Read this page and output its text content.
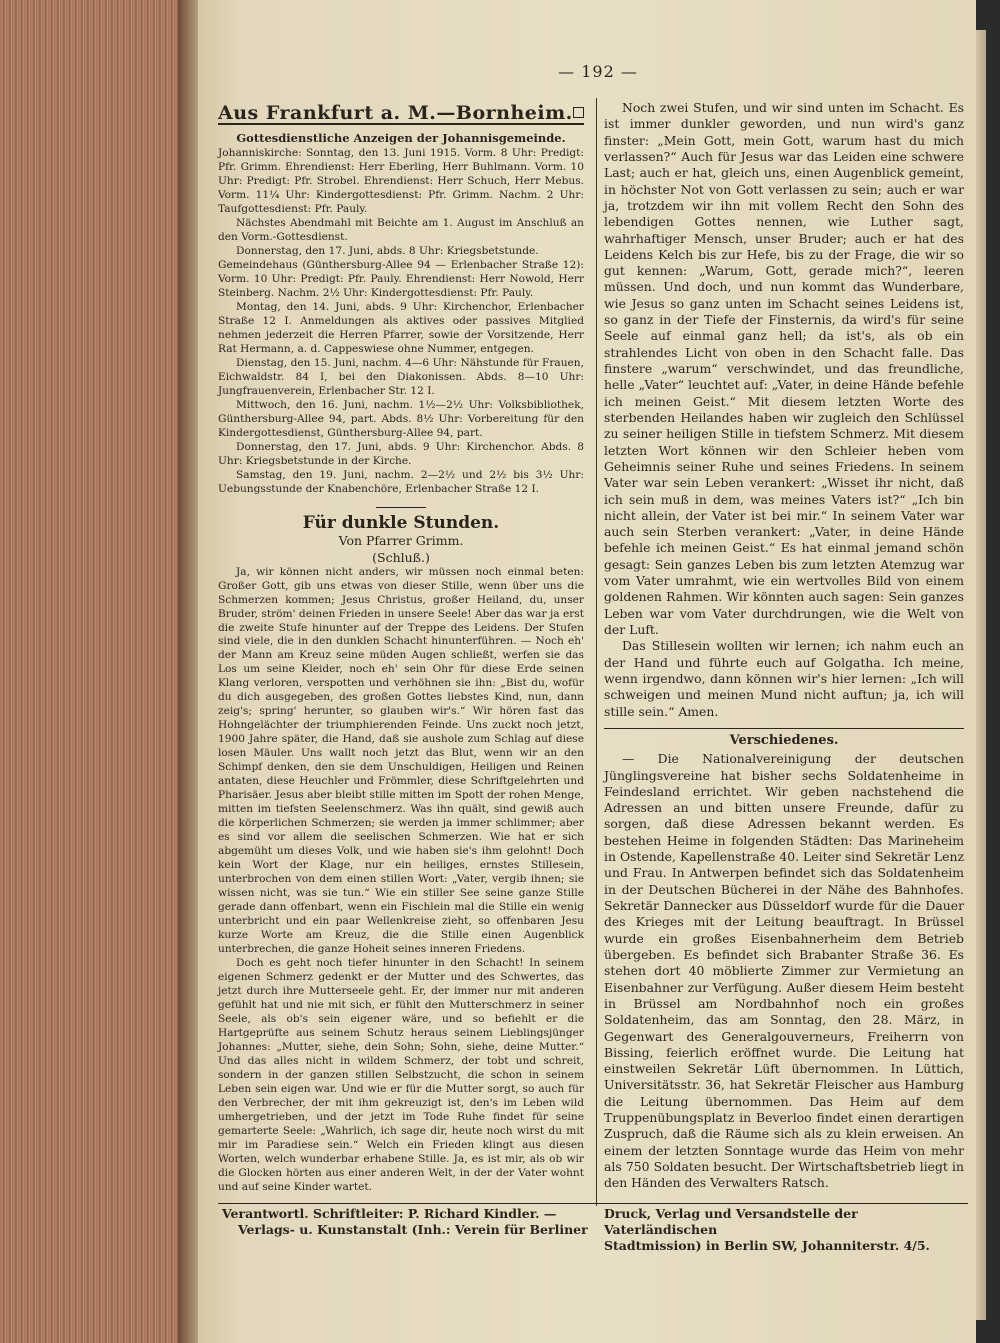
— 192 —
Aus Frankfurt a. M.—Bornheim.
Gottesdienstliche Anzeigen der Johannisgemeinde.

Johanniskirche: Sonntag, den 13. Juni 1915. Vorm. 8 Uhr: Predigt: Pfr. Grimm. Ehrendienst: Herr Eberling, Herr Buhlmann. Vorm. 10 Uhr: Predigt: Pfr. Strobel. Ehrendienst: Herr Schuch, Herr Mebus. Vorm. 11¼ Uhr: Kindergottesdienst: Pfr. Grimm. Nachm. 2 Uhr: Taufgottesdienst: Pfr. Pauly.

Nächstes Abendmahl mit Beichte am 1. August im Anschluß an den Vorm.-Gottesdienst.

Donnerstag, den 17. Juni, abds. 8 Uhr: Kriegsbetstunde.

Gemeindehaus (Günthersburg-Allee 94 — Erlenbacher Straße 12): Vorm. 10 Uhr: Predigt: Pfr. Pauly. Ehrendienst: Herr Nowold, Herr Steinberg. Nachm. 2½ Uhr: Kindergottesdienst: Pfr. Pauly.

Montag, den 14. Juni, abds. 9 Uhr: Kirchenchor, Erlenbacher Straße 12 I. Anmeldungen als aktives oder passives Mitglied nehmen jederzeit die Herren Pfarrer, sowie der Vorsitzende, Herr Rat Hermann, a. d. Cappeswiese ohne Nummer, entgegen.

Dienstag, den 15. Juni, nachm. 4—6 Uhr: Nähstunde für Frauen, Eichwaldstr. 84 I, bei den Diakonissen. Abds. 8—10 Uhr: Jungfrauenverein, Erlenbacher Str. 12 I.

Mittwoch, den 16. Juni, nachm. 1½—2½ Uhr: Volksbibliothek, Günthersburg-Allee 94, part. Abds. 8½ Uhr: Vorbereitung für den Kindergottesdienst, Günthersburg-Allee 94, part.

Donnerstag, den 17. Juni, abds. 9 Uhr: Kirchenchor. Abds. 8 Uhr: Kriegsbetstunde in der Kirche.

Samstag, den 19. Juni, nachm. 2—2½ und 2½ bis 3½ Uhr: Uebungsstunde der Knabenchöre, Erlenbacher Straße 12 I.

Für dunkle Stunden.
Von Pfarrer Grimm.
(Schluß.)

Ja, wir können nicht anders, wir müssen noch einmal beten: Großer Gott, gib uns etwas von dieser Stille, wenn über uns die Schmerzen kommen; Jesus Christus, großer Heiland, du, unser Bruder, ström' deinen Frieden in unsere Seele! Aber das war ja erst die zweite Stufe hinunter auf der Treppe des Leidens. Der Stufen sind viele, die in den dunklen Schacht hinunterführen. — Noch eh' der Mann am Kreuz seine müden Augen schließt, werfen sie das Los um seine Kleider, noch eh' sein Ohr für diese Erde seinen Klang verloren, verspotten und verhöhnen sie ihn: „Bist du, wofür du dich ausgegeben, des großen Gottes liebstes Kind, nun, dann zeig's; spring' herunter, so glauben wir's.“ Wir hören fast das Hohngelächter der triumphierenden Feinde. Uns zuckt noch jetzt, 1900 Jahre später, die Hand, daß sie aushole zum Schlag auf diese losen Mäuler. Uns wallt noch jetzt das Blut, wenn wir an den Schimpf denken, den sie dem Unschuldigen, Heiligen und Reinen antaten, diese Heuchler und Frömmler, diese Schriftgelehrten und Pharisäer. Jesus aber bleibt stille mitten im Spott der rohen Menge, mitten im tiefsten Seelenschmerz. Was ihn quält, sind gewiß auch die körperlichen Schmerzen; sie werden ja immer schlimmer; aber es sind vor allem die seelischen Schmerzen. Wie hat er sich abgemüht um dieses Volk, und wie haben sie's ihm gelohnt! Doch kein Wort der Klage, nur ein heiliges, ernstes Stillesein, unterbrochen von dem einen stillen Wort: „Vater, vergib ihnen; sie wissen nicht, was sie tun.“ Wie ein stiller See seine ganze Stille gerade dann offenbart, wenn ein Fischlein mal die Stille ein wenig unterbricht und ein paar Wellenkreise zieht, so offenbaren Jesu kurze Worte am Kreuz, die die Stille einen Augenblick unterbrechen, die ganze Hoheit seines inneren Friedens.

Doch es geht noch tiefer hinunter in den Schacht! In seinem eigenen Schmerz gedenkt er der Mutter und des Schwertes, das jetzt durch ihre Mutterseele geht. Er, der immer nur mit anderen gefühlt hat und nie mit sich, er fühlt den Mutterschmerz in seiner Seele, als ob's sein eigener wäre, und so befiehlt er die Hartgeprüfte aus seinem Schutz heraus seinem Lieblingsjünger Johannes: „Mutter, siehe, dein Sohn; Sohn, siehe, deine Mutter.“ Und das alles nicht in wildem Schmerz, der tobt und schreit, sondern in der ganzen stillen Selbstzucht, die schon in seinem Leben sein eigen war. Und wie er für die Mutter sorgt, so auch für den Verbrecher, der mit ihm gekreuzigt ist, den's im Leben wild umhergetrieben, und der jetzt im Tode Ruhe findet für seine gemarterte Seele: „Wahrlich, ich sage dir, heute noch wirst du mit mir im Paradiese sein.“ Welch ein Frieden klingt aus diesen Worten, welch wunderbar erhabene Stille. Ja, es ist mir, als ob wir die Glocken hörten aus einer anderen Welt, in der der Vater wohnt und auf seine Kinder wartet.

Noch zwei Stufen, und wir sind unten im Schacht. Es ist immer dunkler geworden, und nun wird's ganz finster: „Mein Gott, mein Gott, warum hast du mich verlassen?“ Auch für Jesus war das Leiden eine schwere Last; auch er hat, gleich uns, einen Augenblick gemeint, in höchster Not von Gott verlassen zu sein; auch er war ja, trotzdem wir ihn mit vollem Recht den Sohn des lebendigen Gottes nennen, wie Luther sagt, wahrhaftiger Mensch, unser Bruder; auch er hat des Leidens Kelch bis zur Hefe, bis zu der Frage, die wir so gut kennen: „Warum, Gott, gerade mich?“, leeren müssen. Und doch, und nun kommt das Wunderbare, wie Jesus so ganz unten im Schacht seines Leidens ist, so ganz in der Tiefe der Finsternis, da wird's für seine Seele auf einmal ganz hell; da ist's, als ob ein strahlendes Licht von oben in den Schacht falle. Das finstere „warum“ verschwindet, und das freundliche, helle „Vater“ leuchtet auf: „Vater, in deine Hände befehle ich meinen Geist.“ Mit diesem letzten Worte des sterbenden Heilandes haben wir zugleich den Schlüssel zu seiner heiligen Stille in tiefstem Schmerz. Mit diesem letzten Wort können wir den Schleier heben vom Geheimnis seiner Ruhe und seines Friedens. In seinem Vater war sein Leben verankert: „Wisset ihr nicht, daß ich sein muß in dem, was meines Vaters ist?“ „Ich bin nicht allein, der Vater ist bei mir.“ In seinem Vater war auch sein Sterben verankert: „Vater, in deine Hände befehle ich meinen Geist.“ Es hat einmal jemand schön gesagt: Sein ganzes Leben bis zum letzten Atemzug war vom Vater umrahmt, wie ein wertvolles Bild von einem goldenen Rahmen. Wir könnten auch sagen: Sein ganzes Leben war vom Vater durchdrungen, wie die Welt von der Luft.

Das Stillesein wollten wir lernen; ich nahm euch an der Hand und führte euch auf Golgatha. Ich meine, wenn irgendwo, dann können wir's hier lernen: „Ich will schweigen und meinen Mund nicht auftun; ja, ich will stille sein.“ Amen.

Verschiedenes.

— Die Nationalvereinigung der deutschen Jünglingsvereine hat bisher sechs Soldatenheime in Feindesland errichtet. Wir geben nachstehend die Adressen an und bitten unsere Freunde, dafür zu sorgen, daß diese Adressen bekannt werden. Es bestehen Heime in folgenden Städten: Das Marineheim in Ostende, Kapellenstraße 40. Leiter sind Sekretär Lenz und Frau. In Antwerpen befindet sich das Soldatenheim in der Deutschen Bücherei in der Nähe des Bahnhofes. Sekretär Dannecker aus Düsseldorf wurde für die Dauer des Krieges mit der Leitung beauftragt. In Brüssel wurde ein großes Eisenbahnerheim dem Betrieb übergeben. Es befindet sich Brabanter Straße 36. Es stehen dort 40 möblierte Zimmer zur Vermietung an Eisenbahner zur Verfügung. Außer diesem Heim besteht in Brüssel am Nordbahnhof noch ein großes Soldatenheim, das am Sonntag, den 28. März, in Gegenwart des Generalgouverneurs, Freiherrn von Bissing, feierlich eröffnet wurde. Die Leitung hat einstweilen Sekretär Lüft übernommen. In Lüttich, Universitätsstr. 36, hat Sekretär Fleischer aus Hamburg die Leitung übernommen. Das Heim auf dem Truppenübungsplatz in Beverloo findet einen derartigen Zuspruch, daß die Räume sich als zu klein erweisen. An einem der letzten Sonntage wurde das Heim von mehr als 750 Soldaten besucht. Der Wirtschaftsbetrieb liegt in den Händen des Verwalters Ratsch.

Verantwortl. Schriftleiter: P. Richard Kindler. —

Verlags- u. Kunstanstalt (Inh.: Verein für Berliner

Druck, Verlag und Versandstelle der Vaterländischen

Stadtmission) in Berlin SW, Johanniterstr. 4/5.
